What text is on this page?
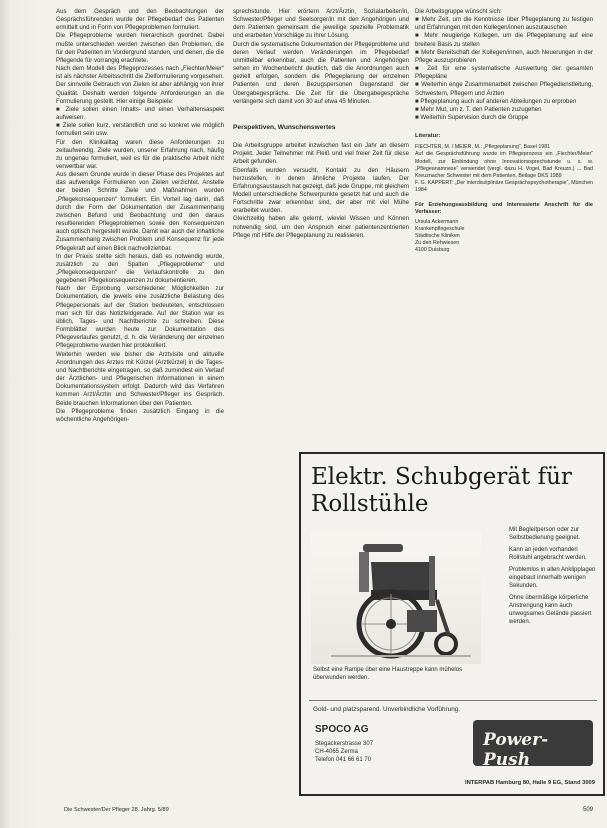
Aus dem Gespräch und den Beobachtungen der Gesprächsführenden wurde der Pflegebedarf des Patienten ermittelt und in Form von Pflegeproblemen formuliert.

Die Pflegeprobleme wurden hierarchisch geordnet. Dabei mußte unterschieden werden zwischen den Problemen, die für den Patienten im Vordergrund standen, und denen, die die Pflegende für vorrangig erachtete.

Nach dem Modell des Pflegeprozesses nach „Fiechter/Meier“ ist als nächster Arbeitsschritt die Zielformulierung vorgesehen. Der sinnvolle Gebrauch von Zielen ist aber abhängig von ihrer Qualität. Deshalb werden folgende Anforderungen an die Formulierung gestellt. Hier einige Beispiele:

■ Ziele sollen einen Inhalts- und einen Verhaltensaspekt aufweisen.

■ Ziele sollen kurz, verständlich und so konkret wie möglich formuliert sein usw.

Für den Klinikalltag waren diese Anforderungen zu zeitaufwendig. Ziele wurden, unserer Erfahrung nach, häufig zu ungenau formuliert, weil es für die praktische Arbeit nicht verwertbar war.

Aus diesem Grunde wurde in dieser Phase des Projektes auf das aufwendige Formulieren von Zielen verzichtet. Anstelle der beiden Schritte Ziele und Maßnahmen wurden „Pflegekonsequenzen“ formuliert. Ein Vorteil lag darin, daß durch die Form der Dokumentation der Zusammenhang zwischen Befund und Beobachtung und den daraus resultierenden Pflegeproblemen sowie den Konsequenzen auch optisch hergestellt wurde. Damit war auch der inhaltliche Zusammenhang zwischen Problem und Konsequenz für jede Pflegekraft auf einen Blick nachvollziehbar.

In der Praxis stellte sich heraus, daß es notwendig wurde, zusätzlich zu den Spalten „Pflegeprobleme“ und „Pflegekonsequenzen“ die Verlaufskontrolle zu den gegebenen Pflegekonsequenzen zu dokumentieren.

Nach der Erprobung verschiedener Möglichkeiten zur Dokumentation, die jeweils eine zusätzliche Belastung des Pflegepersonals auf der Station bedeuteten, entschlossen man sich für das Notizfeldgerade. Auf der Station war es üblich, Tages- und Nachtberichte zu schreiben. Diese Formblätter wurden heute zur Dokumentation des Pflegeverlaufes genutzt, d. h. die Veränderung der einzelnen Pflegeprobleme wurden hier protokolliert.

Weiterhin werden wie bisher die Arztvisite und aktuelle Anordnungen des Arztes mit Kürzel (Arztkürzel) in die Tages- und Nachtberichte eingetragen, so daß zumindest ein Verlauf der Ärztlichen- und Pflegerischen Informationen in einem Dokumentationssystem erfolgt. Dadurch wird das Verfahren kommen Arzt/Ärztin und Schwester/Pfleger ins Gespräch. Beide brauchen Informationen über den Patienten.

Die Pflegeprobleme finden zusätzlich Eingang in die wöchentliche Angehörigen-

sprechstunde. Hier erörtern Arzt/Ärztin, Sozialarbeiter/in, Schwester/Pfleger und Seelsorger/in mit den Angehörigen und dem Patienten gemeinsam die jeweilige spezielle Problematik und erarbeiten Vorschläge zu ihrer Lösung.

Durch die systematische Dokumentation der Pflegeprobleme und deren Verlauf werden Veränderungen im Pflegebedarf unmittelbar erkennbar, auch die Patienten und Angehörigen sehen im Wochenbericht deutlich, daß die Anordnungen auch gezielt erfolgen, sondern die Pflegeplanung der einzelnen Patienten und deren Bezugspersonen Gegenstand der Übergabegespräche. Die Zeit für die Übergabegespräche verlängerte sich damit von 30 auf etwa 45 Minuten.

Perspektiven, Wunschenswertes

Die Arbeitsgruppe arbeitet inzwischen fast ein Jahr an diesem Projekt. Jeder Teilnehmer mit Fleiß und viel freier Zeit für diese Arbeit gefunden.

Ebenfalls wurden versucht, Kontakt zu den Häusern herzustellen, in denen ähnliche Projekte laufen. Der Erfahrungsaustausch hat gezeigt, daß jede Gruppe, mit gleichem Modell unterschiedliche Schwerpunkte gesetzt hat und auch die Fortschritte zwar erkennbar sind, der aber mit viel Mühe erarbeitet wurden.

Gleichzeitig haben alle gelernt, wieviel Wissen und Können notwendig sind, um den Anspruch einer patientenzentrierten Pflege mit Hilfe der Pflegeplanung zu realisieren.

Die Arbeitsgruppe wünscht sich:

■ Mehr Zeit, um die Kenntnisse über Pflegeplanung zu festigen und Erfahrungen mit den Kollegen/innen auszutauschen
■ Mehr neugierige Kollegen, um die Pflegeplanung auf eine breitere Basis zu stellen
■ Mehr Bereitschaft der Kollegen/innen, auch Neuerungen in der Pflege auszuprobieren
■ Zeit für eine systematische Auswertung der gesamten Pflegepläne
■ Weiterhin enge Zusammenarbeit zwischen Pflegedienstleitung, Schwestern, Pflegern und Ärzten
■ Pflegeplanung auch auf anderen Abteilungen zu erproben
■ Mehr Mut, um z. T. den Patienten zuzugehen
■ Weiterhin Supervision durch die Gruppe
Literatur:

FIECHTER, M. / MEIER, M.: „Pflegeplanung“, Basel 1981

Auf die Gesprächsführung wurde im Pflegeprozess ein „Fiechter/Meier“ Modell, zur Einbindung ohne Innovationssprechstunde u. s. w. „Pflegeanamnese“ verwendet (vergl. dazu H. Vogel, Bad Kreuzn.) ... Bad Kreuznacher Schwester mit dem Patienten, Beilage DKS 1989

F. G. KAPPERT: „Der interdisziplinäre Gesprächspsychotherapie“, München 1984

Für Erziehungsausbildung und Interessierte Anschrift für die Verfasser:

Ursula Ackermann

Krankenpflegeschule

Städtische Kliniken

Zu den Rehwiesen

4100 Duisburg

Elektr. Schubgerät für Rollstühle
Mit Begleitperson oder zur Selbstbedienung geeignet.
Kann an jeden vorhanden Rollstuhl angebracht werden.
Problemlos in allen Anklipplagen eingebaut innerhalb wenigen Sekunden.
Ohne übermäßige körperliche Anstrengung kann auch unwegsames Gelände passiert werden.
Selbst eine Rampe über eine Haustreppe kann mühelos überwunden werden.
Gold- und platzsparend. Unverbindliche Vorführung.
SPOCO AG
Stegackerstrasse 307
CH-4065 Zerma
Telefon 041 66 61 70
Power-Push
INTERPAB Hamburg 80, Halle 9 EG, Stand 3009
Die Schwester/Der Pfleger 28. Jahrg. 5/89	509
